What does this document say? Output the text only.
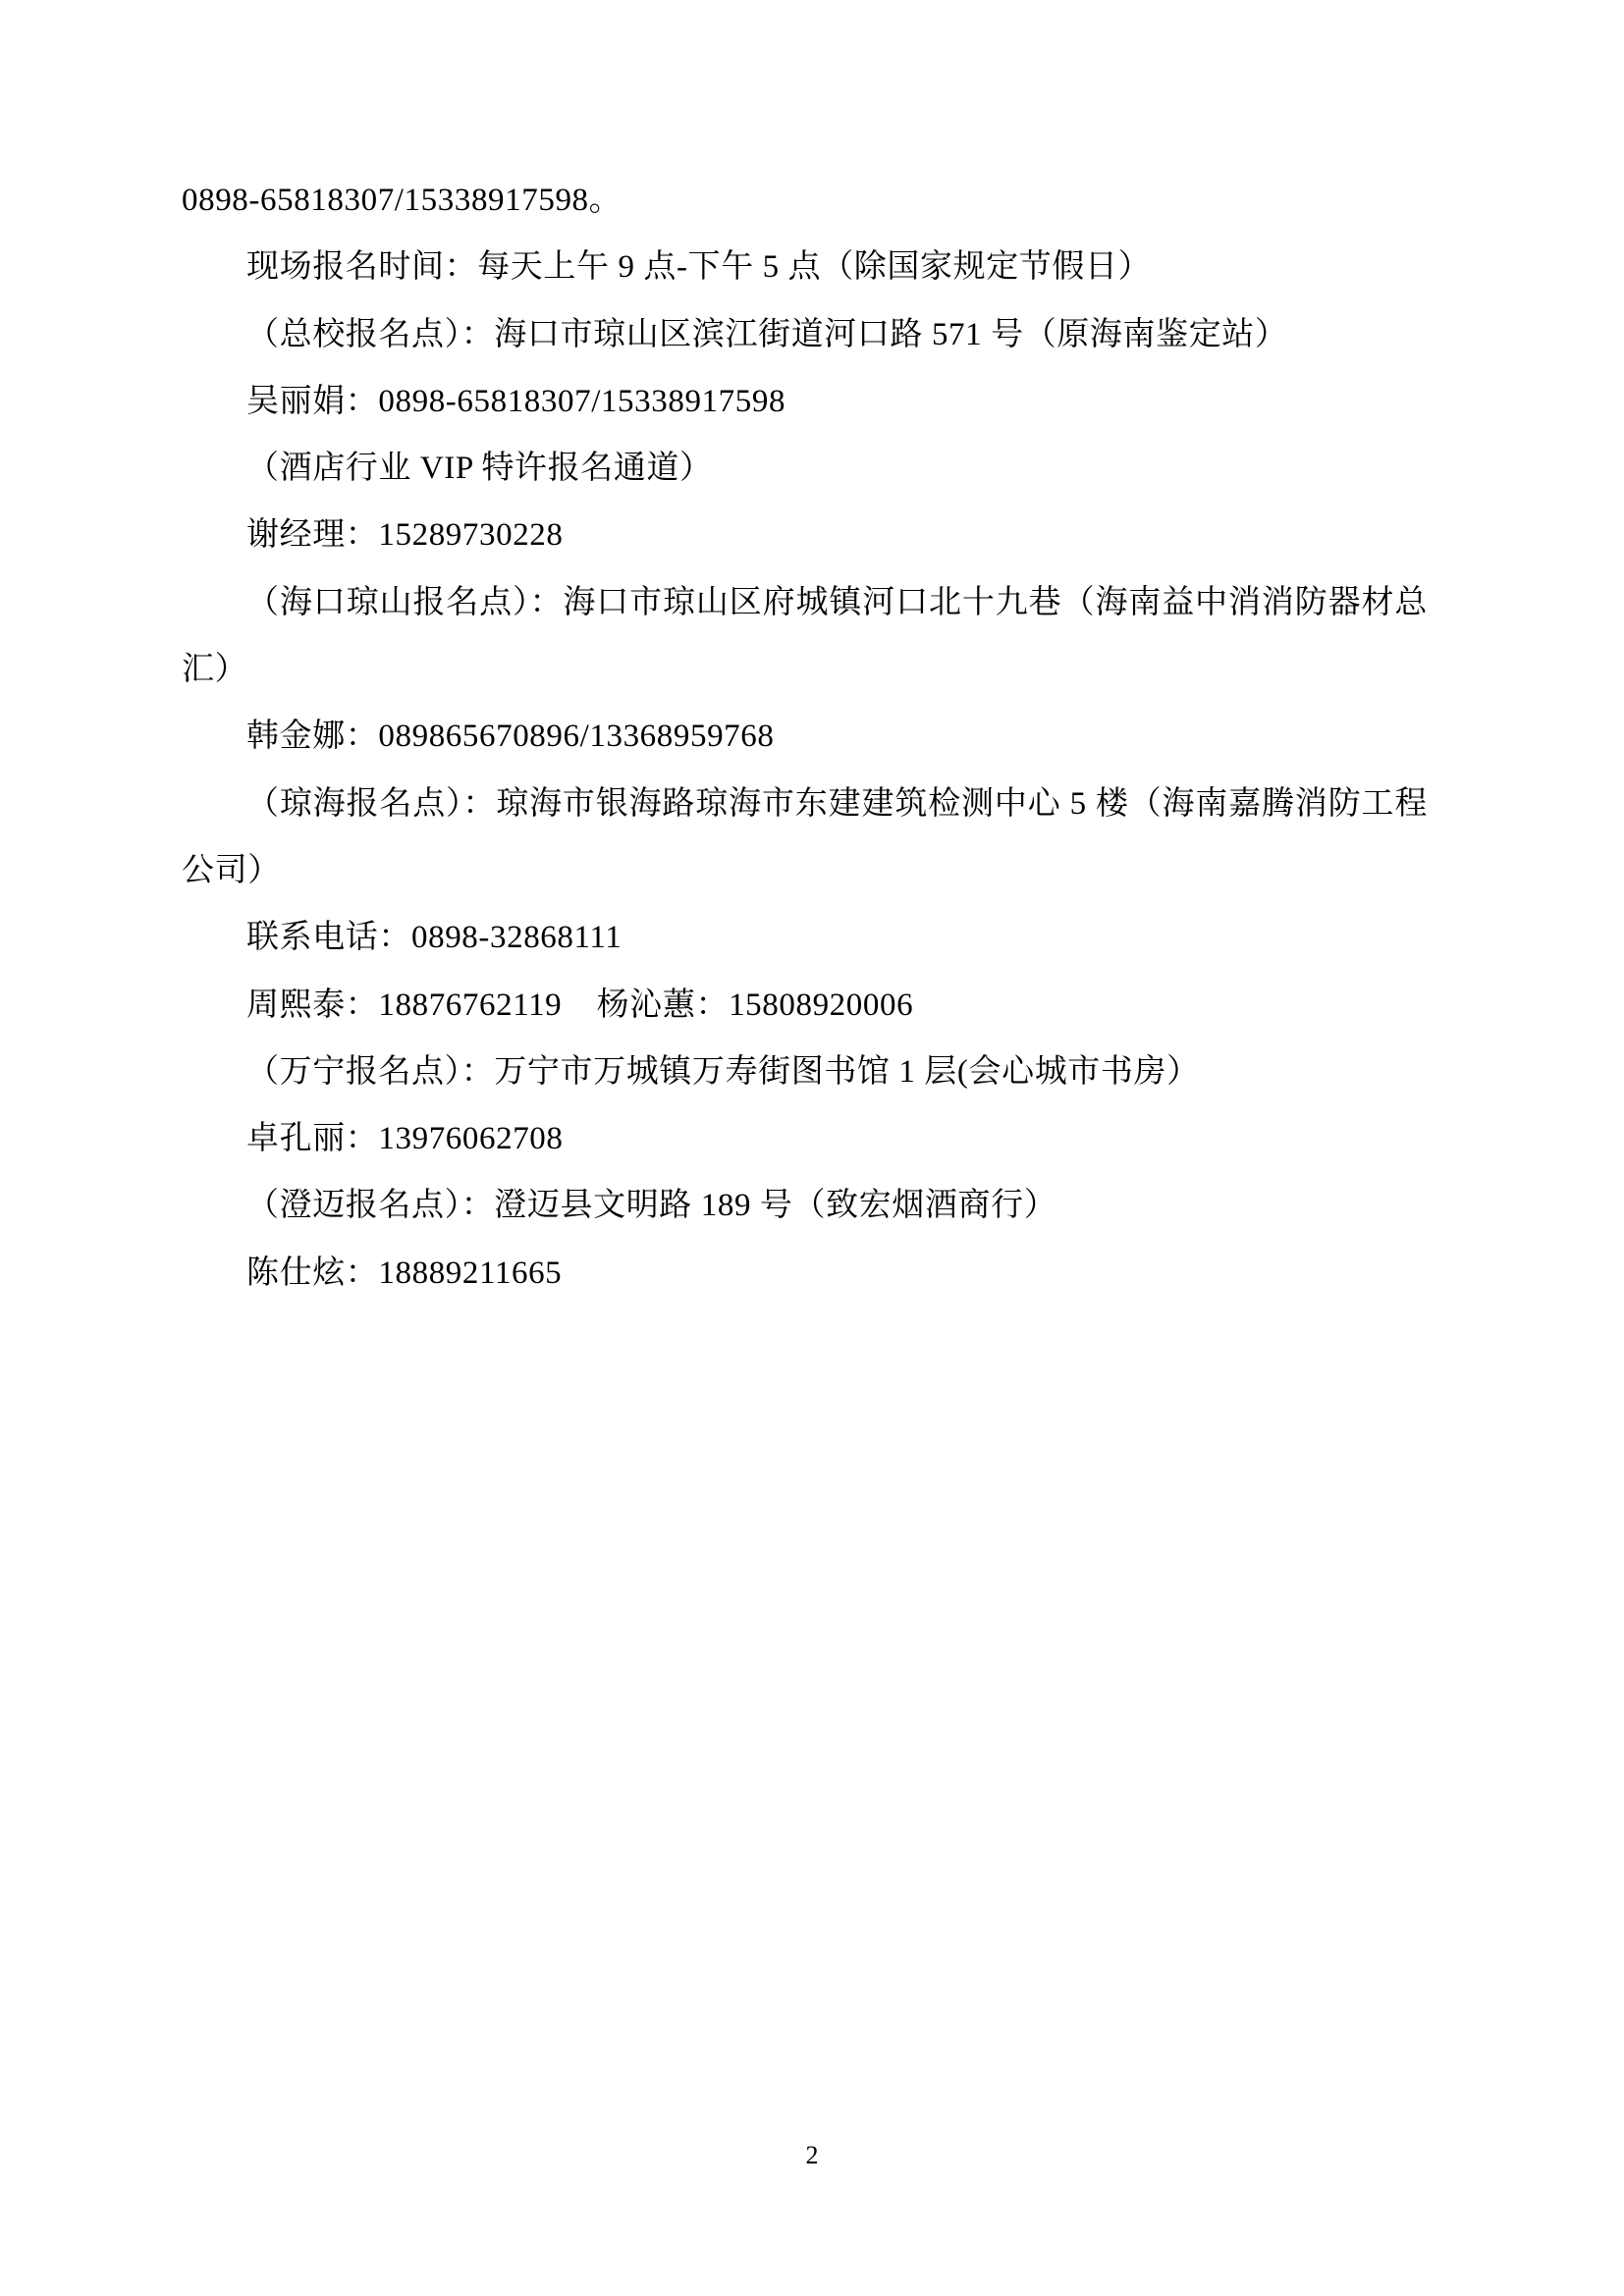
0898-65818307/15338917598。

现场报名时间：每天上午 9 点-下午 5 点（除国家规定节假日）

（总校报名点）：海口市琼山区滨江街道河口路 571 号（原海南鉴定站）

吴丽娟：0898-65818307/15338917598

（酒店行业 VIP 特许报名通道）

谢经理：15289730228

（海口琼山报名点）：海口市琼山区府城镇河口北十九巷（海南益中消消防器材总汇）

韩金娜：089865670896/13368959768

（琼海报名点）：琼海市银海路琼海市东建建筑检测中心 5 楼（海南嘉腾消防工程公司）

联系电话：0898-32868111

周熙泰：18876762119    杨沁蕙：15808920006

（万宁报名点）：万宁市万城镇万寿街图书馆 1 层(会心城市书房）

卓孔丽：13976062708

（澄迈报名点）：澄迈县文明路 189 号（致宏烟酒商行）

陈仕炫：18889211665

2
